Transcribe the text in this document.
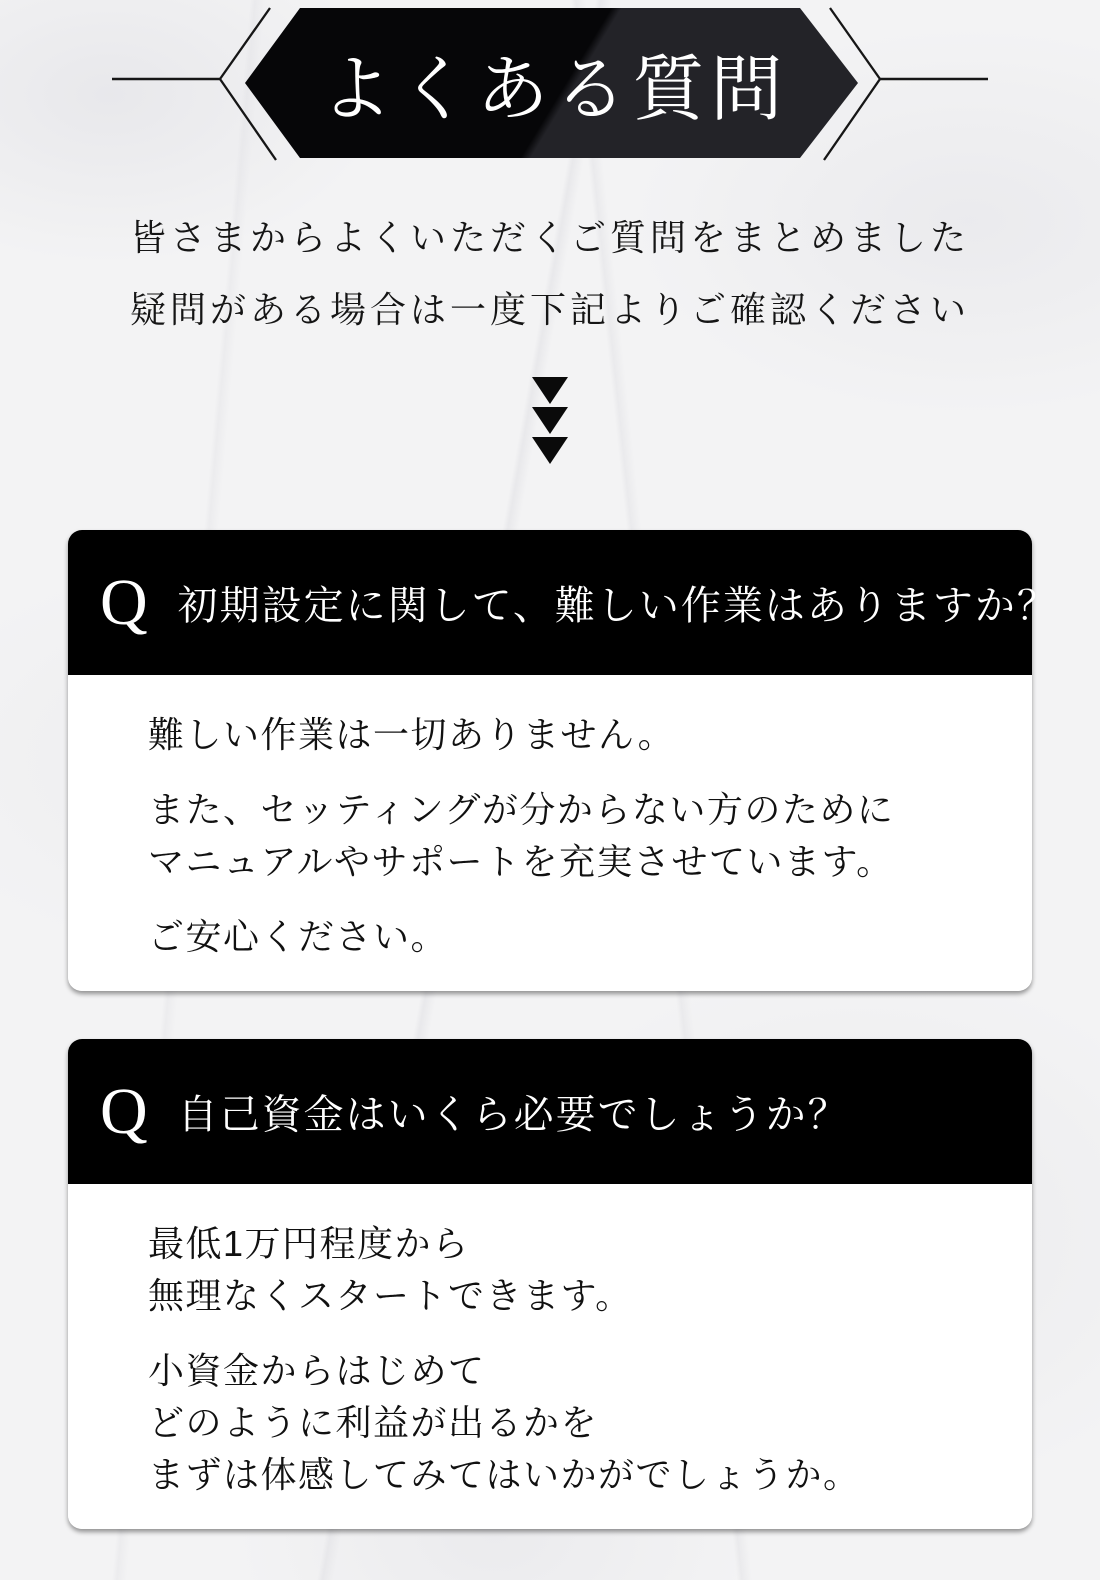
よくある質問
皆さまからよくいただくご質問をまとめました
疑問がある場合は一度下記よりご確認ください
Q 初期設定に関して、難しい作業はありますか？
難しい作業は一切ありません。
また、セッティングが分からない方のために
マニュアルやサポートを充実させています。
ご安心ください。
Q 自己資金はいくら必要でしょうか？
最低1万円程度から
無理なくスタートできます。
小資金からはじめて
どのように利益が出るかを
まずは体感してみてはいかがでしょうか。
